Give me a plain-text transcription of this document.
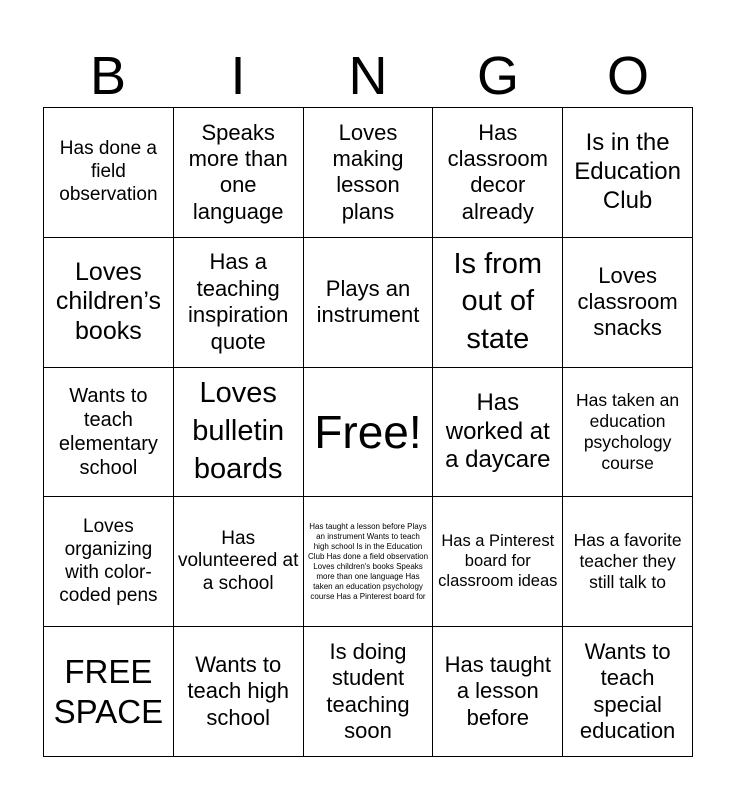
B	I	N	G	O
Has done a field observation
Speaks more than one language
Loves making lesson plans
Has classroom decor already
Is in the Education Club
Loves children’s books
Has a teaching inspiration quote
Plays an instrument
Is from out of state
Loves classroom snacks
Wants to teach elementary school
Loves bulletin boards
Free!
Has worked at a daycare
Has taken an education psychology course
Loves organizing with color-coded pens
Has volunteered at a school
Has taught a lesson before Plays an instrument Wants to teach high school Is in the Education Club Has done a field observation Loves children's books Speaks more than one language Has taken an education psychology course Has a Pinterest board for
Has a Pinterest board for classroom ideas
Has a favorite teacher they still talk to
FREE SPACE
Wants to teach high school
Is doing student teaching soon
Has taught a lesson before
Wants to teach special education
